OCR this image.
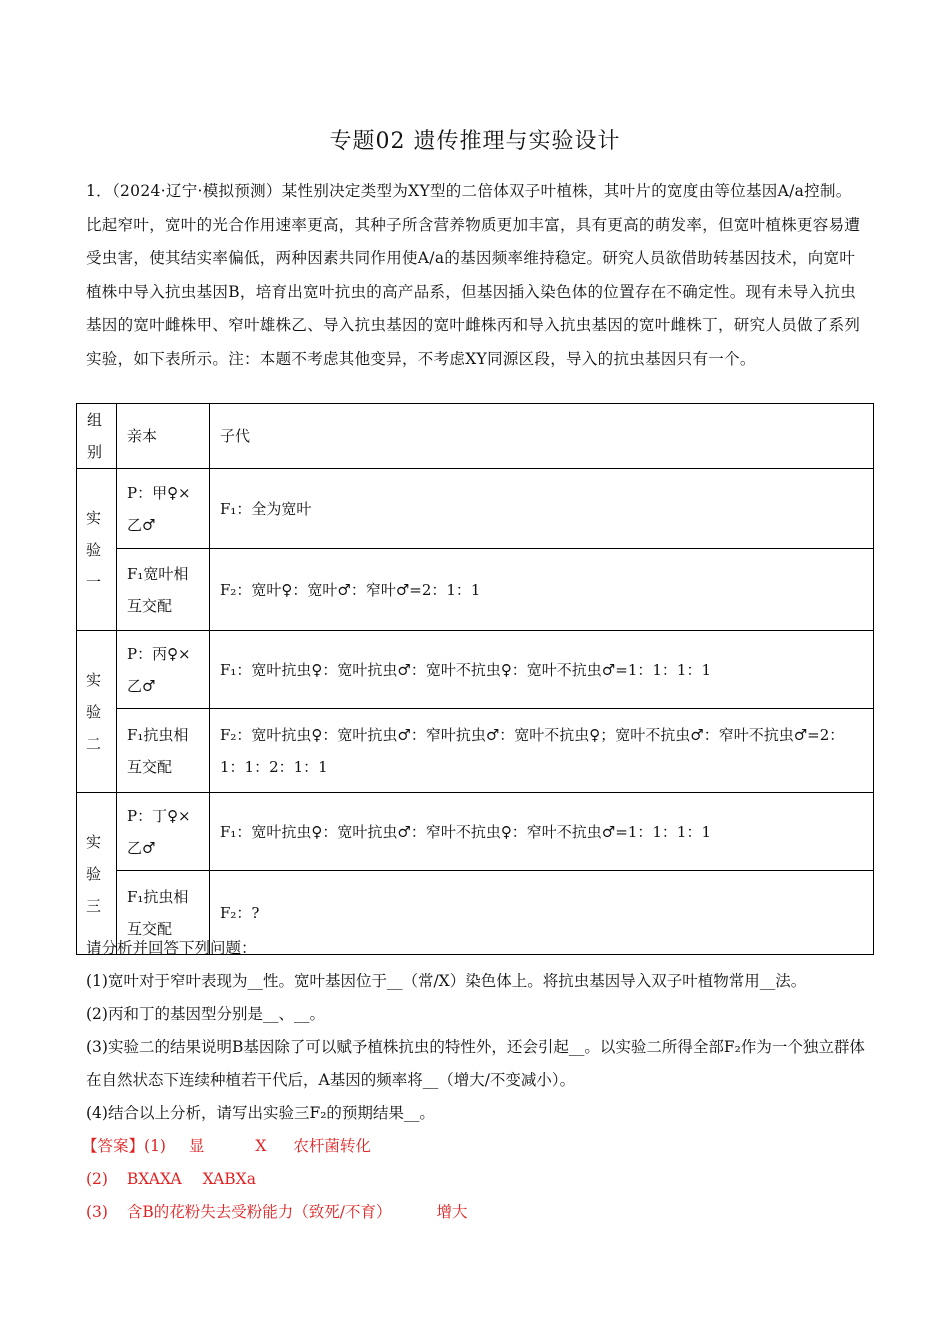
专题02 遗传推理与实验设计
1．（2024·辽宁·模拟预测）某性别决定类型为XY型的二倍体双子叶植株，其叶片的宽度由等位基因A/a控制。比起窄叶，宽叶的光合作用速率更高，其种子所含营养物质更加丰富，具有更高的萌发率，但宽叶植株更容易遭受虫害，使其结实率偏低，两种因素共同作用使A/a的基因频率维持稳定。研究人员欲借助转基因技术，向宽叶植株中导入抗虫基因B，培育出宽叶抗虫的高产品系，但基因插入染色体的位置存在不确定性。现有未导入抗虫基因的宽叶雌株甲、窄叶雄株乙、导入抗虫基因的宽叶雌株丙和导入抗虫基因的宽叶雌株丁，研究人员做了系列实验，如下表所示。注：本题不考虑其他变异，不考虑XY同源区段，导入的抗虫基因只有一个。
组别	亲本	子代
实验一	P：甲♀×乙♂	F₁：全为宽叶
	F₁宽叶相互交配	F₂：宽叶♀：宽叶♂：窄叶♂=2：1：1
实验二	P：丙♀×乙♂	F₁：宽叶抗虫♀：宽叶抗虫♂：宽叶不抗虫♀：宽叶不抗虫♂=1：1：1：1
	F₁抗虫相互交配	F₂：宽叶抗虫♀：宽叶抗虫♂：窄叶抗虫♂：宽叶不抗虫♀；宽叶不抗虫♂：窄叶不抗虫♂=2：1：1：2：1：1
实验三	P：丁♀×乙♂	F₁：宽叶抗虫♀：宽叶抗虫♂：窄叶不抗虫♀：窄叶不抗虫♂=1：1：1：1
	F₁抗虫相互交配	F₂：?
请分析并回答下列问题：
(1)宽叶对于窄叶表现为__性。宽叶基因位于__（常/X）染色体上。将抗虫基因导入双子叶植物常用__法。
(2)丙和丁的基因型分别是__、__。
(3)实验二的结果说明B基因除了可以赋予植株抗虫的特性外，还会引起__。以实验二所得全部F₂作为一个独立群体在自然状态下连续种植若干代后，A基因的频率将__（增大/不变减小）。
(4)结合以上分析，请写出实验三F₂的预期结果__。
【答案】(1) 显	X 农杆菌转化
(2) BXAXA XABXa
(3) 含B的花粉失去受粉能力（致死/不育）	增大
